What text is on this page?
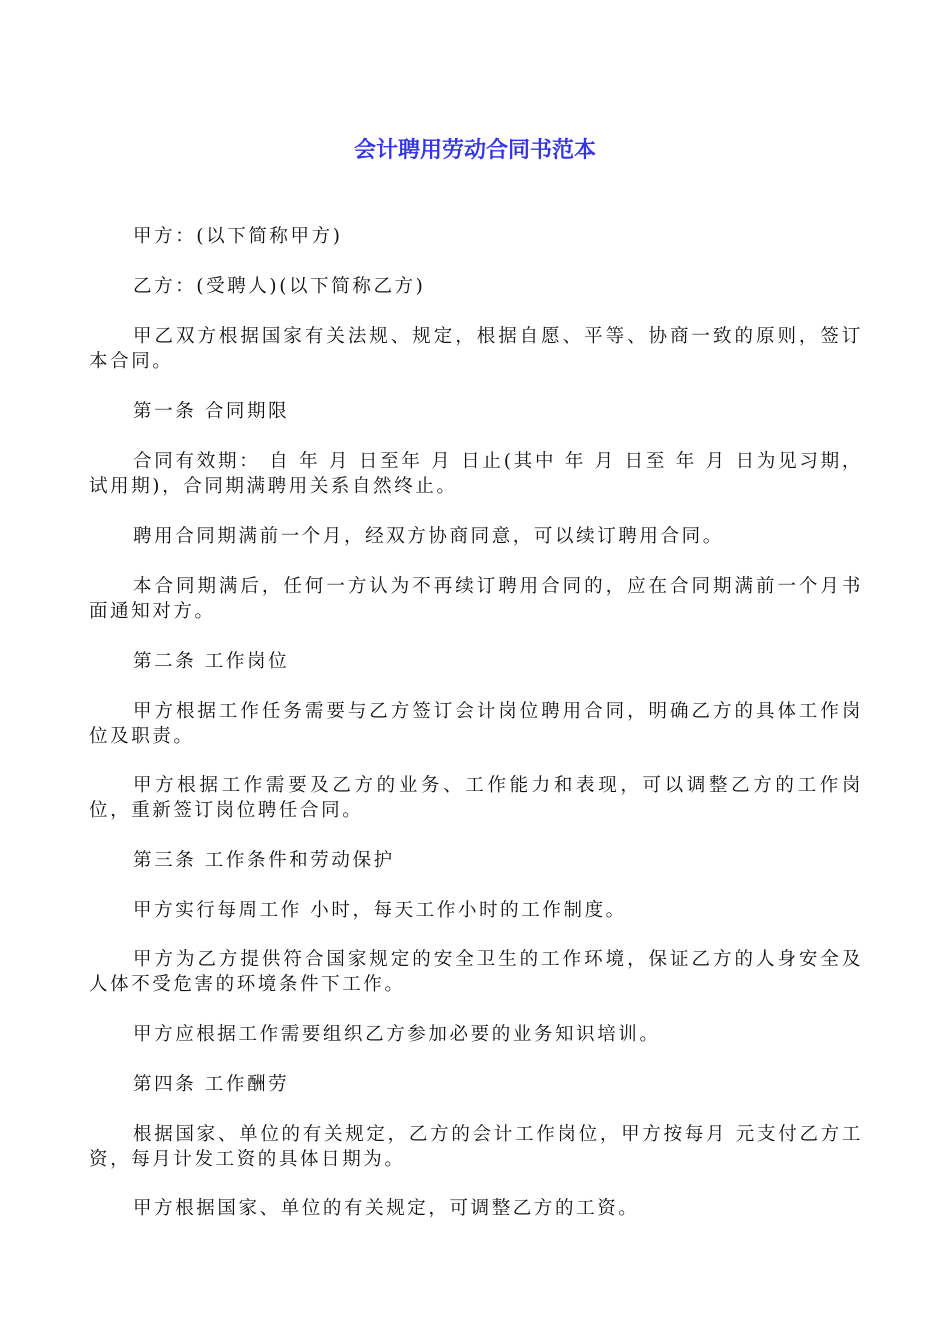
会计聘用劳动合同书范本

甲方：(以下简称甲方)

乙方：(受聘人)(以下简称乙方)

甲乙双方根据国家有关法规、规定，根据自愿、平等、协商一致的原则，签订本合同。

第一条 合同期限

合同有效期： 自 年 月 日至年 月 日止(其中 年 月 日至 年 月 日为见习期，试用期)，合同期满聘用关系自然终止。

聘用合同期满前一个月，经双方协商同意，可以续订聘用合同。

本合同期满后，任何一方认为不再续订聘用合同的，应在合同期满前一个月书面通知对方。

第二条 工作岗位

甲方根据工作任务需要与乙方签订会计岗位聘用合同，明确乙方的具体工作岗位及职责。

甲方根据工作需要及乙方的业务、工作能力和表现，可以调整乙方的工作岗位，重新签订岗位聘任合同。

第三条 工作条件和劳动保护

甲方实行每周工作 小时，每天工作小时的工作制度。

甲方为乙方提供符合国家规定的安全卫生的工作环境，保证乙方的人身安全及人体不受危害的环境条件下工作。

甲方应根据工作需要组织乙方参加必要的业务知识培训。

第四条 工作酬劳

根据国家、单位的有关规定，乙方的会计工作岗位，甲方按每月 元支付乙方工资，每月计发工资的具体日期为。

甲方根据国家、单位的有关规定，可调整乙方的工资。
